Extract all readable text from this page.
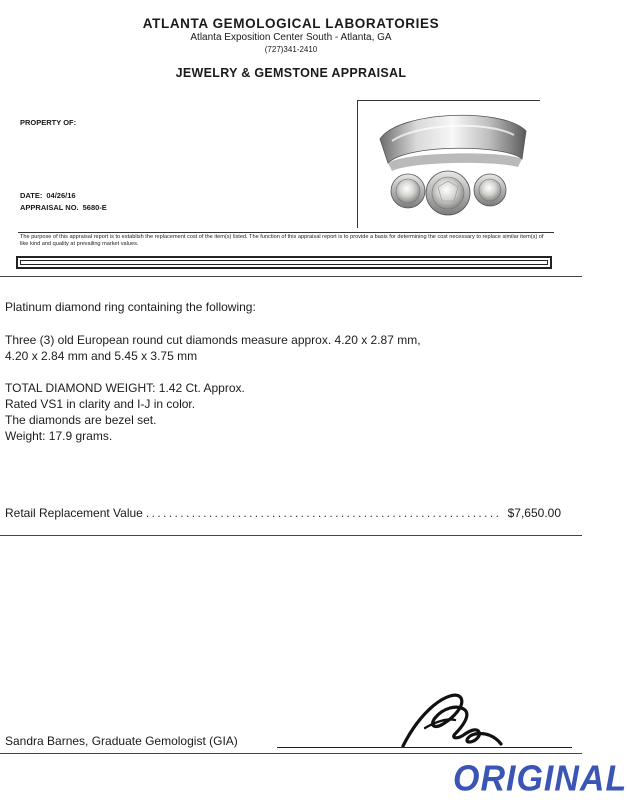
ATLANTA GEMOLOGICAL LABORATORIES
Atlanta Exposition Center South - Atlanta, GA
(727)341-2410
JEWELRY & GEMSTONE APPRAISAL
PROPERTY OF:
DATE: 04/26/16
APPRAISAL NO. 5680-E
The purpose of this appraisal report is to establish the replacement cost of the item(s) listed. The function of this appraisal report is to provide a basis for determining the cost necessary to replace similar item(s) of like kind and quality at prevailing market values.
Platinum diamond ring containing the following:
Three (3) old European round cut diamonds measure approx. 4.20 x 2.87 mm,
4.20 x 2.84 mm and 5.45 x 3.75 mm
TOTAL DIAMOND WEIGHT: 1.42 Ct. Approx.
Rated VS1 in clarity and I-J in color.
The diamonds are bezel set.
Weight: 17.9 grams.
Retail Replacement Value .............................................................. $7,650.00
Sandra Barnes, Graduate Gemologist (GIA)
ORIGINAL
